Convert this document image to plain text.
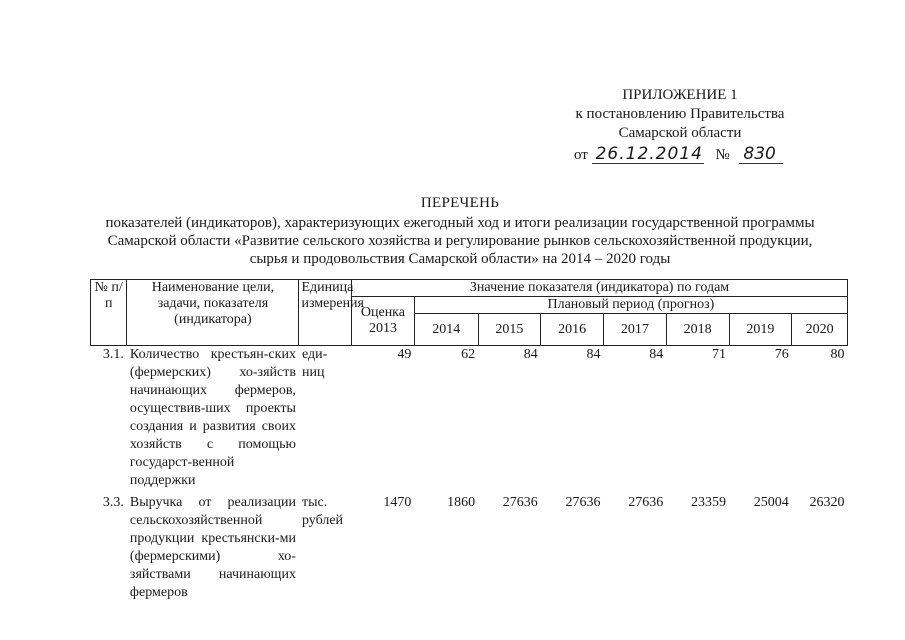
ПРИЛОЖЕНИЕ 1
к постановлению Правительства
Самарской области
от 26.12.2014 № 830
ПЕРЕЧЕНЬ
показателей (индикаторов), характеризующих ежегодный ход и итоги реализации государственной программы
Самарской области «Развитие сельского хозяйства и регулирование рынков сельскохозяйственной продукции,
сырья и продовольствия Самарской области» на 2014 – 2020 годы
№ п/п	Наименование цели, задачи, показателя (индикатора)	Единица измерения	Значение показателя (индикатора) по годам							
			Оценка 2013	Плановый период (прогноз)						
				2014	2015	2016	2017	2018	2019	2020
3.1.	Количество крестьян-ских (фермерских) хо-зяйств начинающих фермеров, осуществив-ших проекты создания и развития своих хозяйств с помощью государст-венной поддержки	еди-ниц	49	62	84	84	84	71	76	80
3.3.	Выручка от реализации сельскохозяйственной продукции крестьянски-ми (фермерскими) хо-зяйствами начинающих фермеров	тыс. рублей	1470	1860	27636	27636	27636	23359	25004	26320
